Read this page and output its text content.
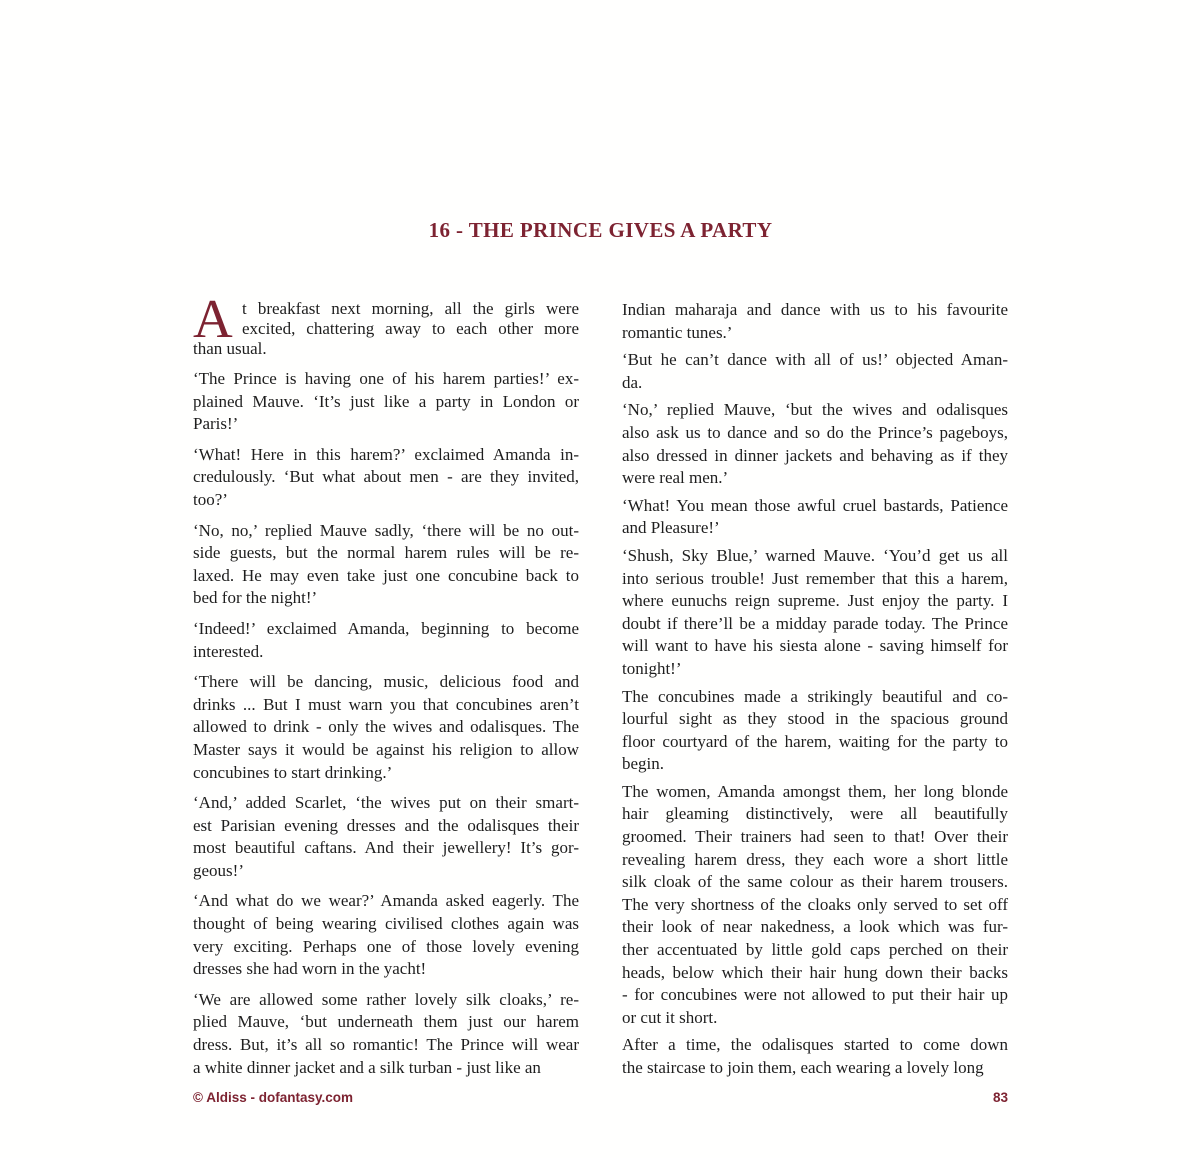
16 - THE PRINCE GIVES A PARTY

A t breakfast next morning, all the girls were
excited, chattering away to each other more
than usual.

‘The Prince is having one of his harem parties!’ ex-
plained Mauve. ‘It’s just like a party in London or
Paris!’

‘What! Here in this harem?’ exclaimed Amanda in-
credulously. ‘But what about men - are they invited,
too?’

‘No, no,’ replied Mauve sadly, ‘there will be no out-
side guests, but the normal harem rules will be re-
laxed. He may even take just one concubine back to
bed for the night!’

‘Indeed!’ exclaimed Amanda, beginning to become
interested.

‘There will be dancing, music, delicious food and
drinks ... But I must warn you that concubines aren’t
allowed to drink - only the wives and odalisques. The
Master says it would be against his religion to allow
concubines to start drinking.’

‘And,’ added Scarlet, ‘the wives put on their smart-
est Parisian evening dresses and the odalisques their
most beautiful caftans. And their jewellery! It’s gor-
geous!’

‘And what do we wear?’ Amanda asked eagerly. The
thought of being wearing civilised clothes again was
very exciting. Perhaps one of those lovely evening
dresses she had worn in the yacht!

‘We are allowed some rather lovely silk cloaks,’ re-
plied Mauve, ‘but underneath them just our harem
dress. But, it’s all so romantic! The Prince will wear
a white dinner jacket and a silk turban - just like an

Indian maharaja and dance with us to his favourite
romantic tunes.’

‘But he can’t dance with all of us!’ objected Aman-
da.

‘No,’ replied Mauve, ‘but the wives and odalisques
also ask us to dance and so do the Prince’s pageboys,
also dressed in dinner jackets and behaving as if they
were real men.’

‘What! You mean those awful cruel bastards, Patience
and Pleasure!’

‘Shush, Sky Blue,’ warned Mauve. ‘You’d get us all
into serious trouble! Just remember that this a harem,
where eunuchs reign supreme. Just enjoy the party. I
doubt if there’ll be a midday parade today. The Prince
will want to have his siesta alone - saving himself for
tonight!’

The concubines made a strikingly beautiful and co-
lourful sight as they stood in the spacious ground
floor courtyard of the harem, waiting for the party to
begin.

The women, Amanda amongst them, her long blonde
hair gleaming distinctively, were all beautifully
groomed. Their trainers had seen to that! Over their
revealing harem dress, they each wore a short little
silk cloak of the same colour as their harem trousers.
The very shortness of the cloaks only served to set off
their look of near nakedness, a look which was fur-
ther accentuated by little gold caps perched on their
heads, below which their hair hung down their backs
- for concubines were not allowed to put their hair up
or cut it short.

After a time, the odalisques started to come down
the staircase to join them, each wearing a lovely long

© Aldiss - dofantasy.com	83
